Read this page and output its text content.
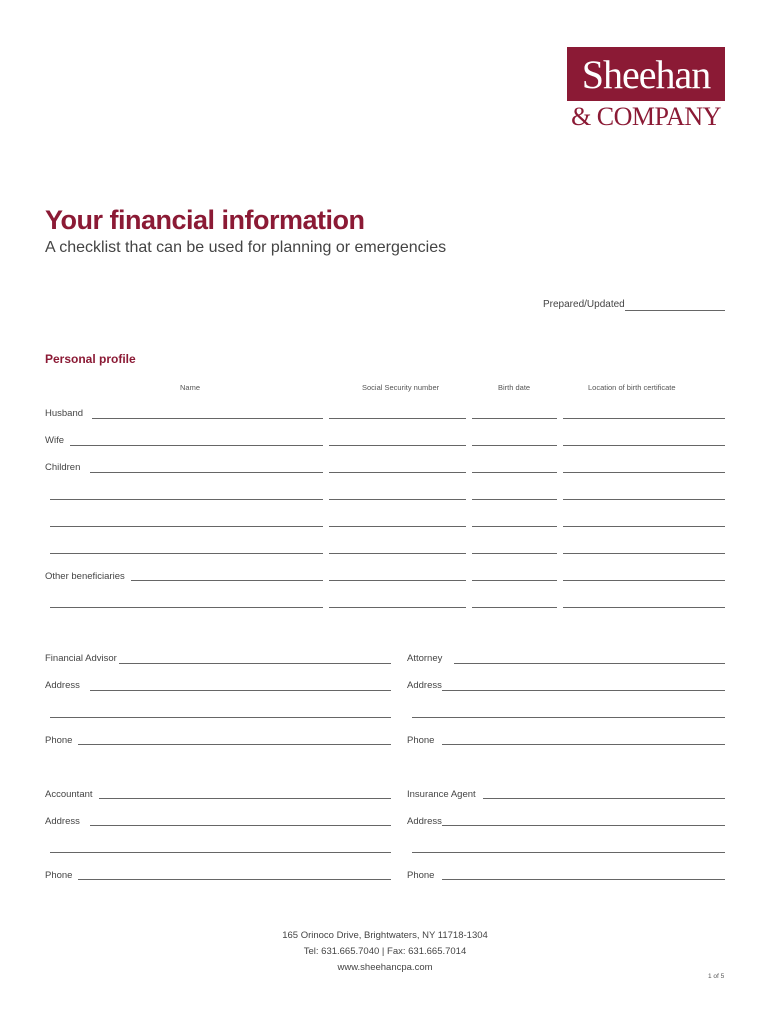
Sheehan
& COMPANY
Your financial information
A checklist that can be used for planning or emergencies
Prepared/Updated
Personal profile
Name	Social Security number	Birth date	Location of birth certificate
Husband
Wife
Children
Other beneficiaries
Financial Advisor
Address
Phone
Attorney
Address
Phone
Accountant
Address
Phone
Insurance Agent
Address
Phone
165 Orinoco Drive, Brightwaters, NY 11718-1304
Tel: 631.665.7040 | Fax: 631.665.7014
www.sheehancpa.com
1 of 5
